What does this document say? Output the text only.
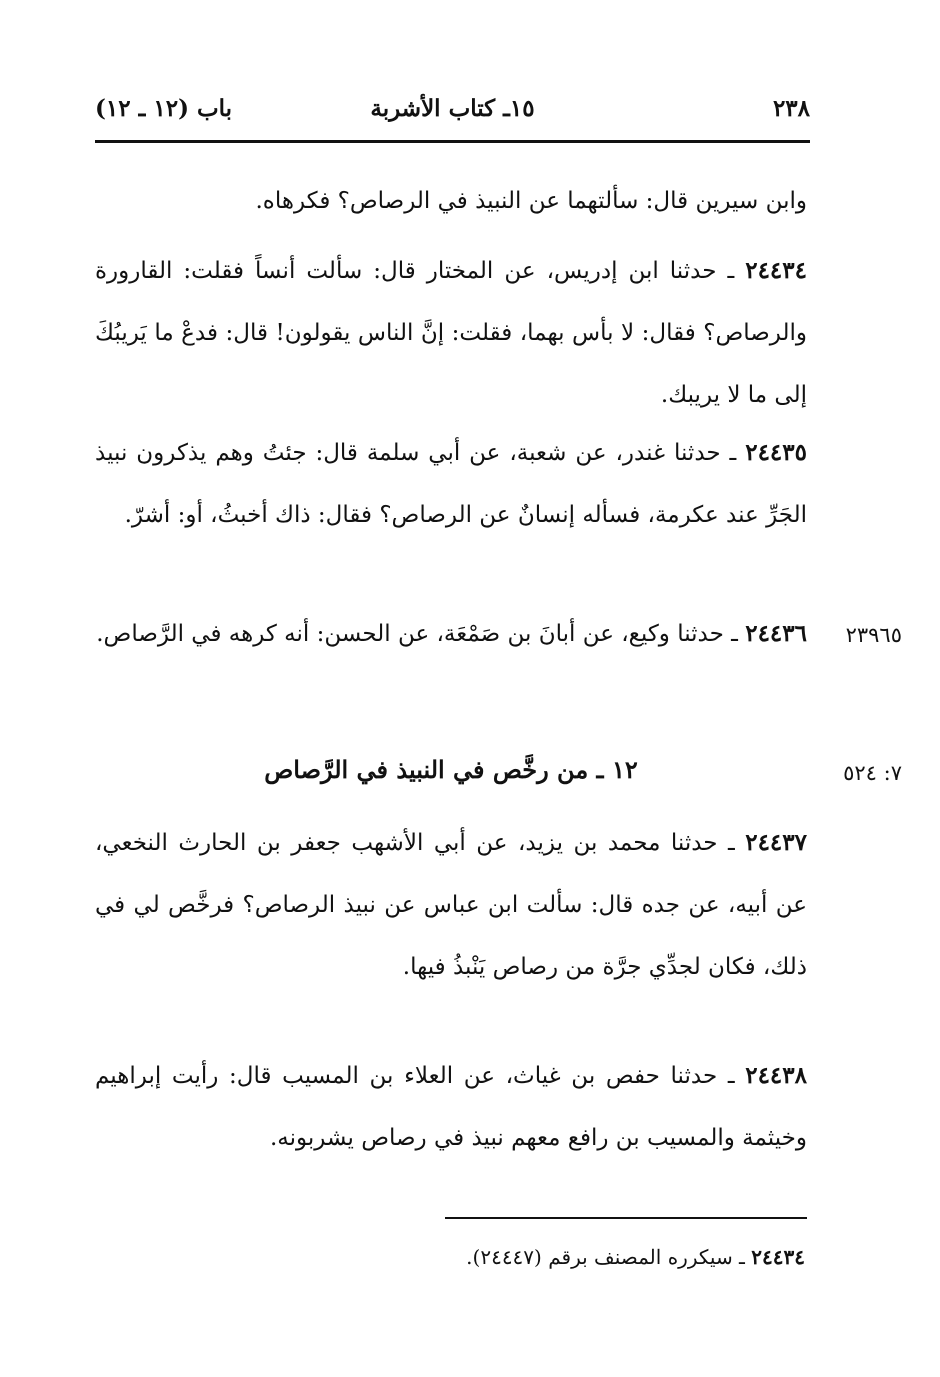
٢٣٨
١٥ـ كتاب الأشربة
باب (١٢ ـ ١٢)

وابن سيرين قال: سألتهما عن النبيذ في الرصاص؟ فكرهاه.

٢٤٤٣٤ ـ حدثنا ابن إدريس، عن المختار قال: سألت أنساً فقلت: القارورة والرصاص؟ فقال: لا بأس بهما، فقلت: إنَّ الناس يقولون! قال: فدعْ ما يَريبُكَ إلى ما لا يريبك.

٢٤٤٣٥ ـ حدثنا غندر، عن شعبة، عن أبي سلمة قال: جئتُ وهم يذكرون نبيذ الجَرِّ عند عكرمة، فسأله إنسانٌ عن الرصاص؟ فقال: ذاك أخبثُ، أو: أشرّ.

٢٣٩٦٥

٢٤٤٣٦ ـ حدثنا وكيع، عن أبانَ بن صَمْعَة، عن الحسن: أنه كرهه في الرَّصاص.

٧: ٥٢٤
١٢ ـ من رخَّص في النبيذ في الرَّصاص

٢٤٤٣٧ ـ حدثنا محمد بن يزيد، عن أبي الأشهب جعفر بن الحارث النخعي، عن أبيه، عن جده قال: سألت ابن عباس عن نبيذ الرصاص؟ فرخَّص لي في ذلك، فكان لجدِّي جرَّة من رصاص يَنْبذُ فيها.

٢٤٤٣٨ ـ حدثنا حفص بن غياث، عن العلاء بن المسيب قال: رأيت إبراهيم وخيثمة والمسيب بن رافع معهم نبيذ في رصاص يشربونه.

٢٤٤٣٤ ـ سيكرره المصنف برقم (٢٤٤٤٧).
